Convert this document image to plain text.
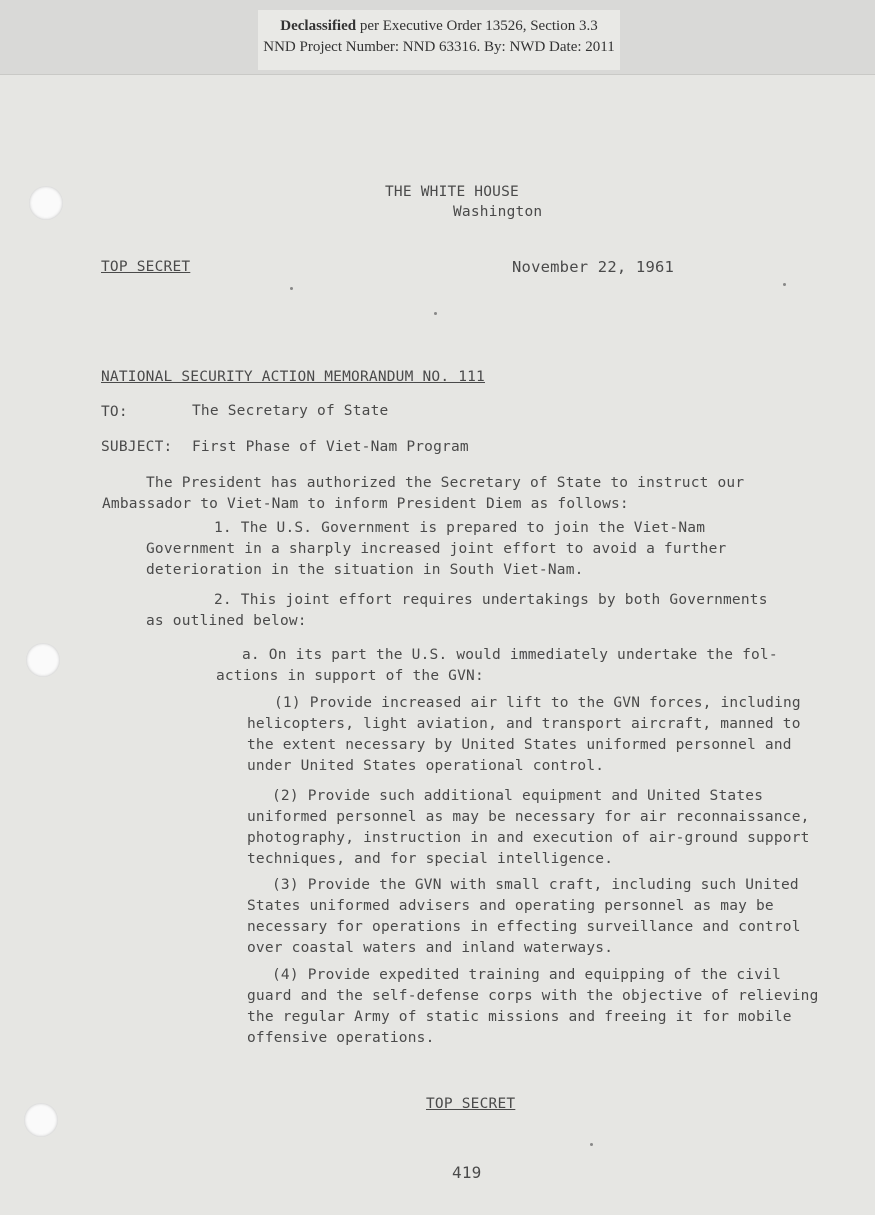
Declassified per Executive Order 13526, Section 3.3
NND Project Number: NND 63316. By: NWD Date: 2011
THE WHITE HOUSE
Washington
TOP SECRET	November 22, 1961
NATIONAL SECURITY ACTION MEMORANDUM NO. 111
TO:	The Secretary of State
SUBJECT: First Phase of Viet-Nam Program
The President has authorized the Secretary of State to instruct our
Ambassador to Viet-Nam to inform President Diem as follows:
1. The U.S. Government is prepared to join the Viet-Nam
Government in a sharply increased joint effort to avoid a further
deterioration in the situation in South Viet-Nam.
2. This joint effort requires undertakings by both Governments
as outlined below:
a. On its part the U.S. would immediately undertake the fol-
actions in support of the GVN:
(1) Provide increased air lift to the GVN forces, including
helicopters, light aviation, and transport aircraft, manned to
the extent necessary by United States uniformed personnel and
under United States operational control.
(2) Provide such additional equipment and United States
uniformed personnel as may be necessary for air reconnaissance,
photography, instruction in and execution of air-ground support
techniques, and for special intelligence.
(3) Provide the GVN with small craft, including such United
States uniformed advisers and operating personnel as may be
necessary for operations in effecting surveillance and control
over coastal waters and inland waterways.
(4) Provide expedited training and equipping of the civil
guard and the self-defense corps with the objective of relieving
the regular Army of static missions and freeing it for mobile
offensive operations.
TOP SECRET
419
